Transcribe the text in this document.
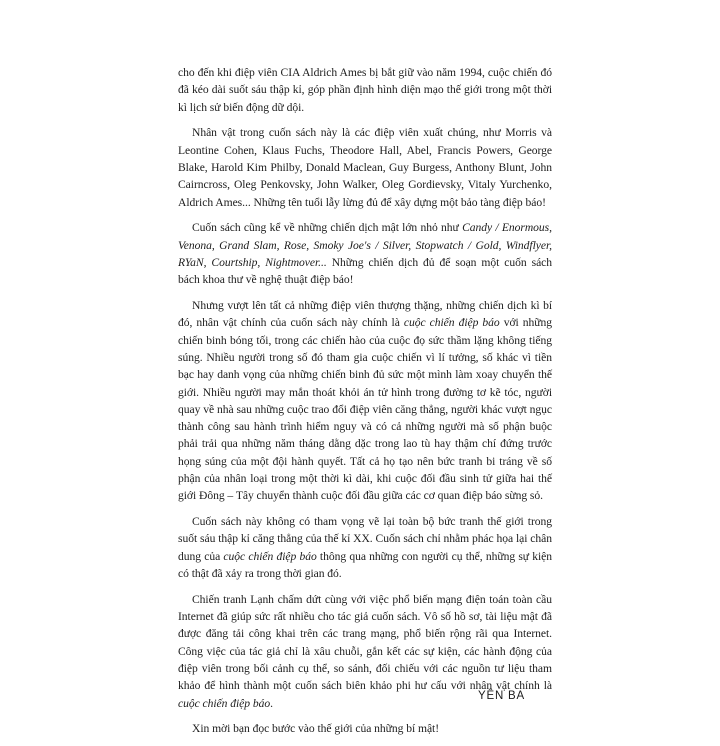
cho đến khi điệp viên CIA Aldrich Ames bị bắt giữ vào năm 1994, cuộc chiến đó đã kéo dài suốt sáu thập kỉ, góp phần định hình diện mạo thế giới trong một thời kì lịch sử biến động dữ dội.

Nhân vật trong cuốn sách này là các điệp viên xuất chúng, như Morris và Leontine Cohen, Klaus Fuchs, Theodore Hall, Abel, Francis Powers, George Blake, Harold Kim Philby, Donald Maclean, Guy Burgess, Anthony Blunt, John Cairncross, Oleg Penkovsky, John Walker, Oleg Gordievsky, Vitaly Yurchenko, Aldrich Ames... Những tên tuổi lẫy lừng đủ để xây dựng một bảo tàng điệp báo!

Cuốn sách cũng kể về những chiến dịch mật lớn nhỏ như Candy / Enormous, Venona, Grand Slam, Rose, Smoky Joe's / Silver, Stopwatch / Gold, Windflyer, RYaN, Courtship, Nightmover... Những chiến dịch đủ để soạn một cuốn sách bách khoa thư về nghệ thuật điệp báo!

Nhưng vượt lên tất cả những điệp viên thượng thặng, những chiến dịch kì bí đó, nhân vật chính của cuốn sách này chính là cuộc chiến điệp báo với những chiến binh bóng tối, trong các chiến hào của cuộc đọ sức thầm lặng không tiếng súng. Nhiều người trong số đó tham gia cuộc chiến vì lí tưởng, số khác vì tiền bạc hay danh vọng của những chiến binh đủ sức một mình làm xoay chuyển thế giới. Nhiều người may mắn thoát khỏi án tử hình trong đường tơ kẽ tóc, người quay về nhà sau những cuộc trao đổi điệp viên căng thẳng, người khác vượt ngục thành công sau hành trình hiểm nguy và có cả những người mà số phận buộc phải trải qua những năm tháng dằng dặc trong lao tù hay thậm chí đứng trước họng súng của một đội hành quyết. Tất cả họ tạo nên bức tranh bi tráng về số phận của nhân loại trong một thời kì dài, khi cuộc đối đầu sinh tử giữa hai thế giới Đông – Tây chuyển thành cuộc đối đầu giữa các cơ quan điệp báo sừng sỏ.

Cuốn sách này không có tham vọng vẽ lại toàn bộ bức tranh thế giới trong suốt sáu thập kỉ căng thẳng của thế kỉ XX. Cuốn sách chỉ nhằm phác họa lại chân dung của cuộc chiến điệp báo thông qua những con người cụ thể, những sự kiện có thật đã xảy ra trong thời gian đó.

Chiến tranh Lạnh chấm dứt cùng với việc phổ biến mạng điện toán toàn cầu Internet đã giúp sức rất nhiều cho tác giả cuốn sách. Vô số hồ sơ, tài liệu mật đã được đăng tải công khai trên các trang mạng, phổ biến rộng rãi qua Internet. Công việc của tác giả chỉ là xâu chuỗi, gắn kết các sự kiện, các hành động của điệp viên trong bối cảnh cụ thể, so sánh, đối chiếu với các nguồn tư liệu tham khảo để hình thành một cuốn sách biên khảo phi hư cấu với nhân vật chính là cuộc chiến điệp báo.

Xin mời bạn đọc bước vào thế giới của những bí mật!

YÊN BA
